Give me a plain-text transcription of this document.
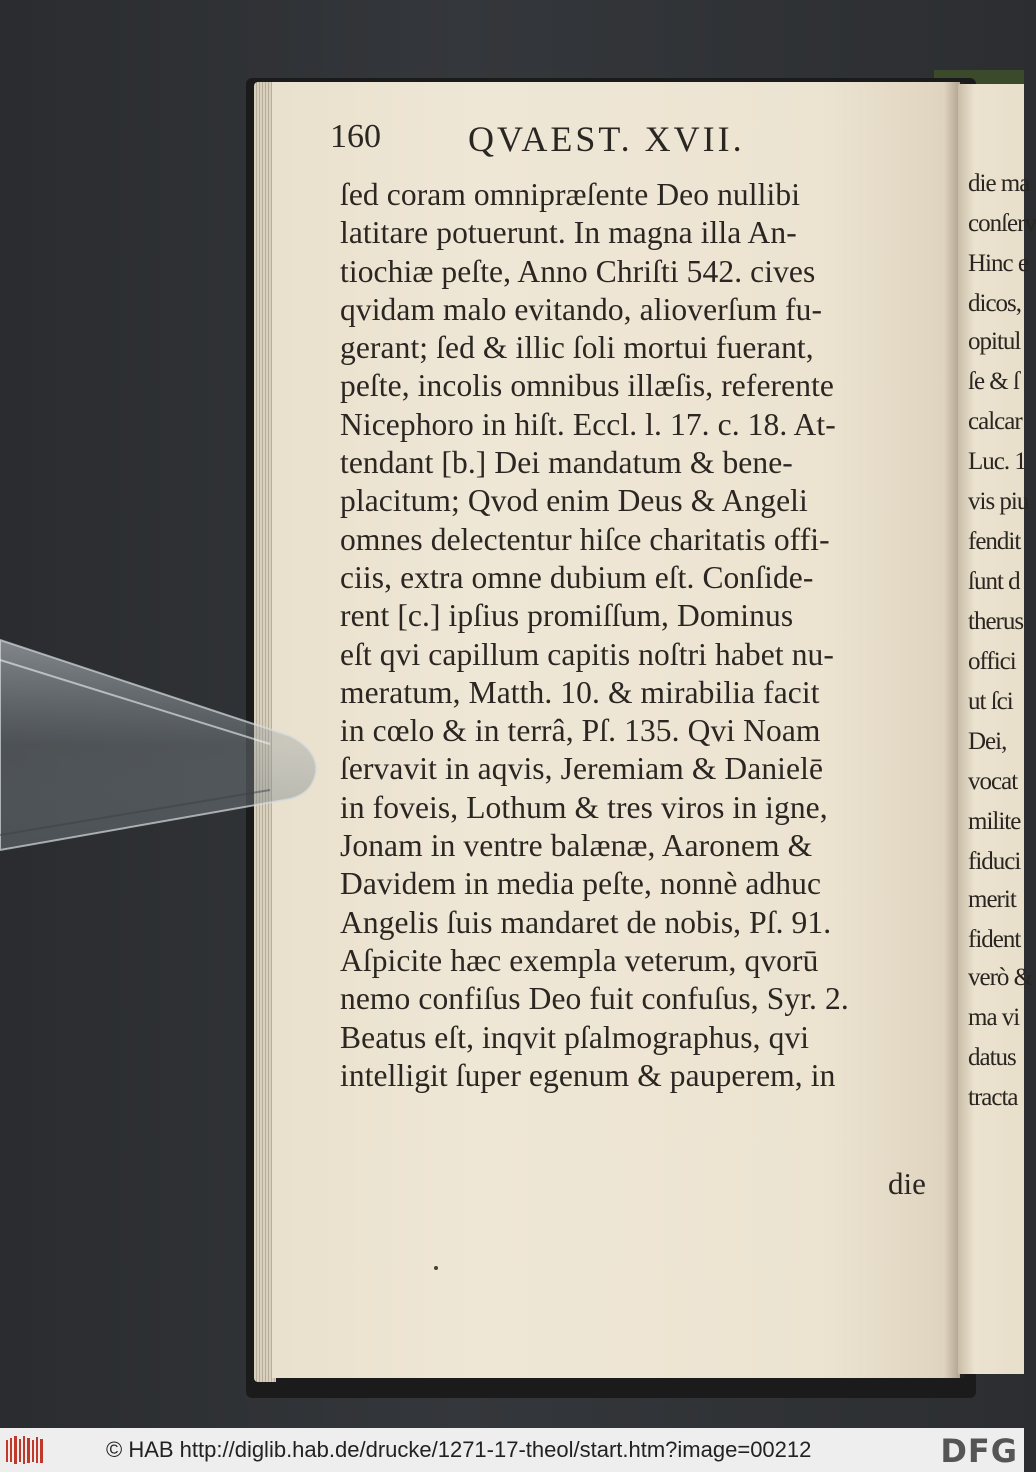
die ma
conſerv
Hinc e
dicos,
opitul
ſe & ſ
calcar
Luc. 1
vis piu
fendit
ſunt d
therus
offici
ut ſci
Dei,
vocat
milite
fiduci
merit
fident
verò &
ma vi
datus
tracta
160 QVAEST. XVII.
ſed coram omnipræſente Deo nullibi
latitare potuerunt. In magna illa An-
tiochiæ peſte, Anno Chriſti 542. cives
qvidam malo evitando, alioverſum fu-
gerant; ſed & illic ſoli mortui fuerant,
peſte, incolis omnibus illæſis, referente
Nicephoro in hiſt. Eccl. l. 17. c. 18. At-
tendant [b.] Dei mandatum & bene-
placitum; Qvod enim Deus & Angeli
omnes delectentur hiſce charitatis offi-
ciis, extra omne dubium eſt. Conſide-
rent [c.] ipſius promiſſum, Dominus
eſt qvi capillum capitis noſtri habet nu-
meratum, Matth. 10. & mirabilia facit
in cœlo & in terrâ, Pſ. 135. Qvi Noam
ſervavit in aqvis, Jeremiam & Danielē
in foveis, Lothum & tres viros in igne,
Jonam in ventre balænæ, Aaronem &
Davidem in media peſte, nonnè adhuc
Angelis ſuis mandaret de nobis, Pſ. 91.
Aſpicite hæc exempla veterum, qvorū
nemo confiſus Deo fuit confuſus, Syr. 2.
Beatus eſt, inqvit pſalmographus, qvi
intelligit ſuper egenum & pauperem, in
die
© HAB http://diglib.hab.de/drucke/1271-17-theol/start.htm?image=00212	DFG
